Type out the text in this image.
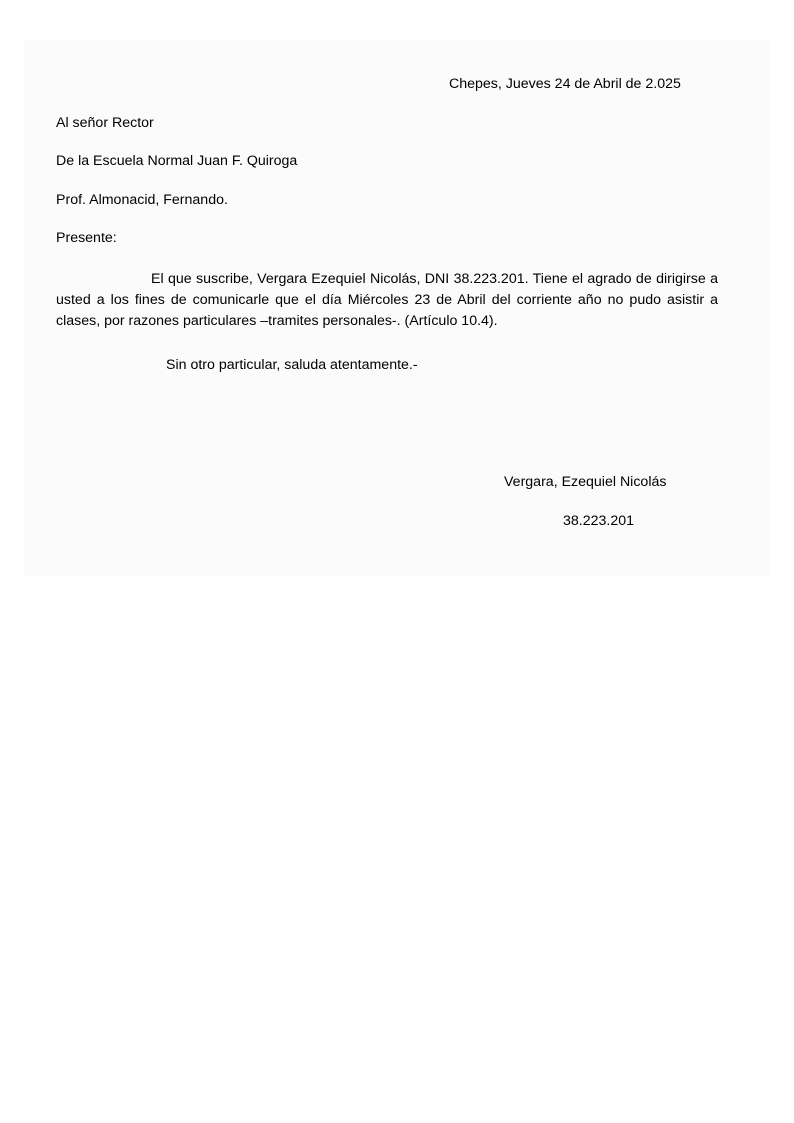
Chepes, Jueves 24 de Abril de 2.025
Al señor Rector
De la Escuela Normal Juan F. Quiroga
Prof. Almonacid, Fernando.
Presente:
El que suscribe, Vergara Ezequiel Nicolás, DNI 38.223.201. Tiene el agrado de dirigirse a usted a los fines de comunicarle que el día Miércoles 23 de Abril del corriente año no pudo asistir a clases, por razones particulares –tramites personales-. (Artículo 10.4).
Sin otro particular, saluda atentamente.-
Vergara, Ezequiel Nicolás
38.223.201
